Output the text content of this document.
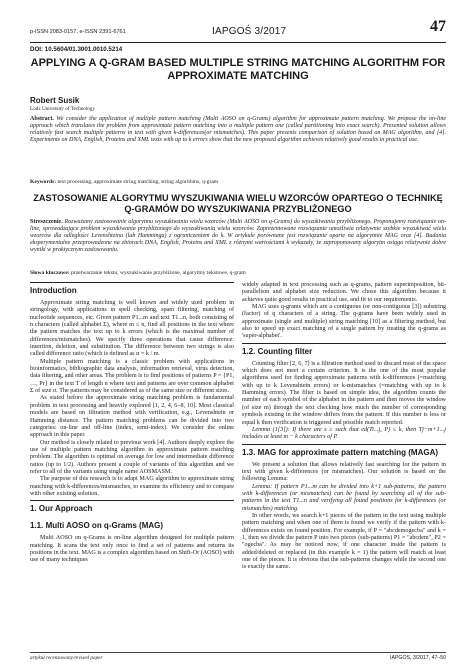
p-ISSN 2083-0157, e-ISSN 2391-6761	IAPGOŚ 3/2017	47
DOI: 10.5604/01.3001.0010.5214
APPLYING A Q-GRAM BASED MULTIPLE STRING MATCHING ALGORITHM FOR APPROXIMATE MATCHING
Robert Susik
Lodz University of Technology
Abstract. We consider the application of multiple pattern matching (Multi AOSO on q-Grams) algorithm for approximate pattern matching. We propose the on-line approach which translates the problem from approximate pattern matching into a multiple pattern one (called partitioning into exact search). Presented solution allows relatively fast search multiple patterns in text with given k-differences(or mismatches). This paper presents comparison of solution based on MAG algorithm, and [4]. Experiments on DNA, English, Proteins and XML texts with up to k errors show that the new proposed algorithm achieves relatively good results in practical use.
Keywords: text processing, approximate string matching, string algorithms, q-gram
ZASTOSOWANIE ALGORYTMU WYSZUKIWANIA WIELU WZORCÓW OPARTEGO O TECHNIKĘ Q-GRAMÓW DO WYSZUKIWANIA PRZYBLIŻONEGO
Streszczenie. Rozważamy zastosowanie algorytmu wyszukiwania wielu wzorców (Multi AOSO on q-Grams) do wyszukiwania przybliżonego. Proponujemy rozwiązanie on-line, sprowadzające problem wyszukiwania przybliżonego do wyszukiwania wielu wzorców. Zaprezentowane rozwiązanie umożliwia relatywnie szybkie wyszukiwać wielu wzorców dla odległości Levenshteina (lub Hamminga) z ograniczeniem do k. W artykule porównane jest rozwiązanie oparte na algorytmie MAG oraz [4]. Badania eksperymentalne przeprowadzone na zbiorach DNA, English, Proteins and XML z różnymi wartościami k wykazały, że zaproponowany algorytm osiąga relatywnie dobre wyniki w praktycznym zastosowaniu.
Słowa kluczowe: przetwarzanie tekstu, wyszukiwanie przybliżone, algorytmy tekstowe, q-gram
Introduction

Approximate string matching is well known and widely used problem in stringology, with applications in spell checking, spam filtering, matching of nucleotide sequences, etc. Given pattern P1...m and text T1...n, both consisting of n characters (called alphabet Σ), where m ≤ n, find all positions in the text where the pattern matches the text up to k errors (which is the maximal number of differences/mismatches). We specify three operations that cause difference: insertion, deletion, and substitution. The difference between two strings is also called difference ratio (which is defined as α = k / m.

Multiple pattern matching is a classic problem with applications in bioinformatics, bibliographic data analysis, information retrieval, virus detection, data filtering, and other areas. The problem is to find positions of patterns P = {P1, …, Pr} in the text T of length n where text and patterns are over common alphabet Σ of size σ. The patterns may be considered as of the same size or different sizes.

As stated before the approximate string matching problem is fundamental problem in text processing and heavily explored [1, 2, 4, 6–8, 10]. Most classical models are based on filtration method with verification, e.g., Levenshtein or Hamming distance. The pattern matching problems can be divided into two categories: on-line and off-line (index, semi-index). We consider the online approach in this paper.

Our method is closely related to previous work [4]. Authors deeply explore the use of multiple pattern matching algorithm in approximate pattern matching problem. The algorithm is optimal on average for low and intermediate difference ratios (up to 1/2). Authors present a couple of variants of this algorithm and we refer to all of the variants using single name AOSMASM.

The purpose of this research is to adapt MAG algorithm to approximate string matching with k-differences/mismatches, to examine its efficiency and to compare with other existing solution.

1. Our Approach
1.1. Multi AOSO on q-Grams (MAG)

Multi AOSO on q-Grams is on-line algorithm designed for multiple pattern matching. It scans the text only once to find a set of patterns and returns its positions in the text. MAG is a complex algorithm based on Shift-Or (AOSO) with use of many techniques

widely adapted in text processing such as q-grams, pattern superimposition, bit-parallelism and alphabet size reduction. We chose this algorithm because it achieves quite good results in practical use, and fit to our requirements.

MAG uses q-grams which are a contiguous (or non-contiguous [3]) substring (factor) of q characters of a string. The q-grams have been widely used in approximate (single and multiple) string matching [10] as a filtering method, but also to speed up exact matching of a single pattern by treating the q-grams as 'super-alphabet'.

1.2. Counting filter

Counting filter [2, 6, 7] is a filtration method used to discard most of the space which does not meet a certain criterion. It is the one of the most popular algorithms used for finding approximate patterns with k-differences (=matching with up to k Levenshtein errors) or k-mismatches (=matching with up to k Hamming errors). The filter is based on simple idea, the algorithm counts the number of each symbol of the alphabet in the pattern and then moves the window (of size m) through the text checking how much the number of corresponding symbols existing in the window differs from the pattern. If this number is less or equal k then verification is triggered and possible match reported.

Lemma (1[3]): If there are s ≥ such that ed(Ti...j, P) ≤ k, then Tj−m+1...j includes at least m − k characters of P.

1.3. MAG for approximate pattern matching (MAGA)

We present a solution that allows relatively fast searching for the pattern in text with given k-differences (or mismatches). Our solution is based on the following Lemma:

Lemma: If pattern P1...m can be divided into k+1 sub-patterns, the pattern with k-differences (or mismatches) can be found by searching all of the sub-patterns in the text T1...n and verifying all found positions for k-differences (or mismatches) matching.

In other words, we search k+1 pieces of the pattern in the text using multiple pattern matching and when one of them is found we verify if the pattern with k-differences exists on found position. For example, if P = "abcdemogecba" and k = 1, then we divide the pattern P into two pieces (sub-patterns) P1 = "abcdem", P2 = "ogecba". As may be noticed now, if one character inside the pattern is added/deleted or replaced (in this example k = 1) the pattern will match at least one of the pieces. It is obvious that the sub-patterns changes while the second one is exactly the same.

artykuł recenzowany/revised paper	IAPGOS, 3/2017, 47–50
